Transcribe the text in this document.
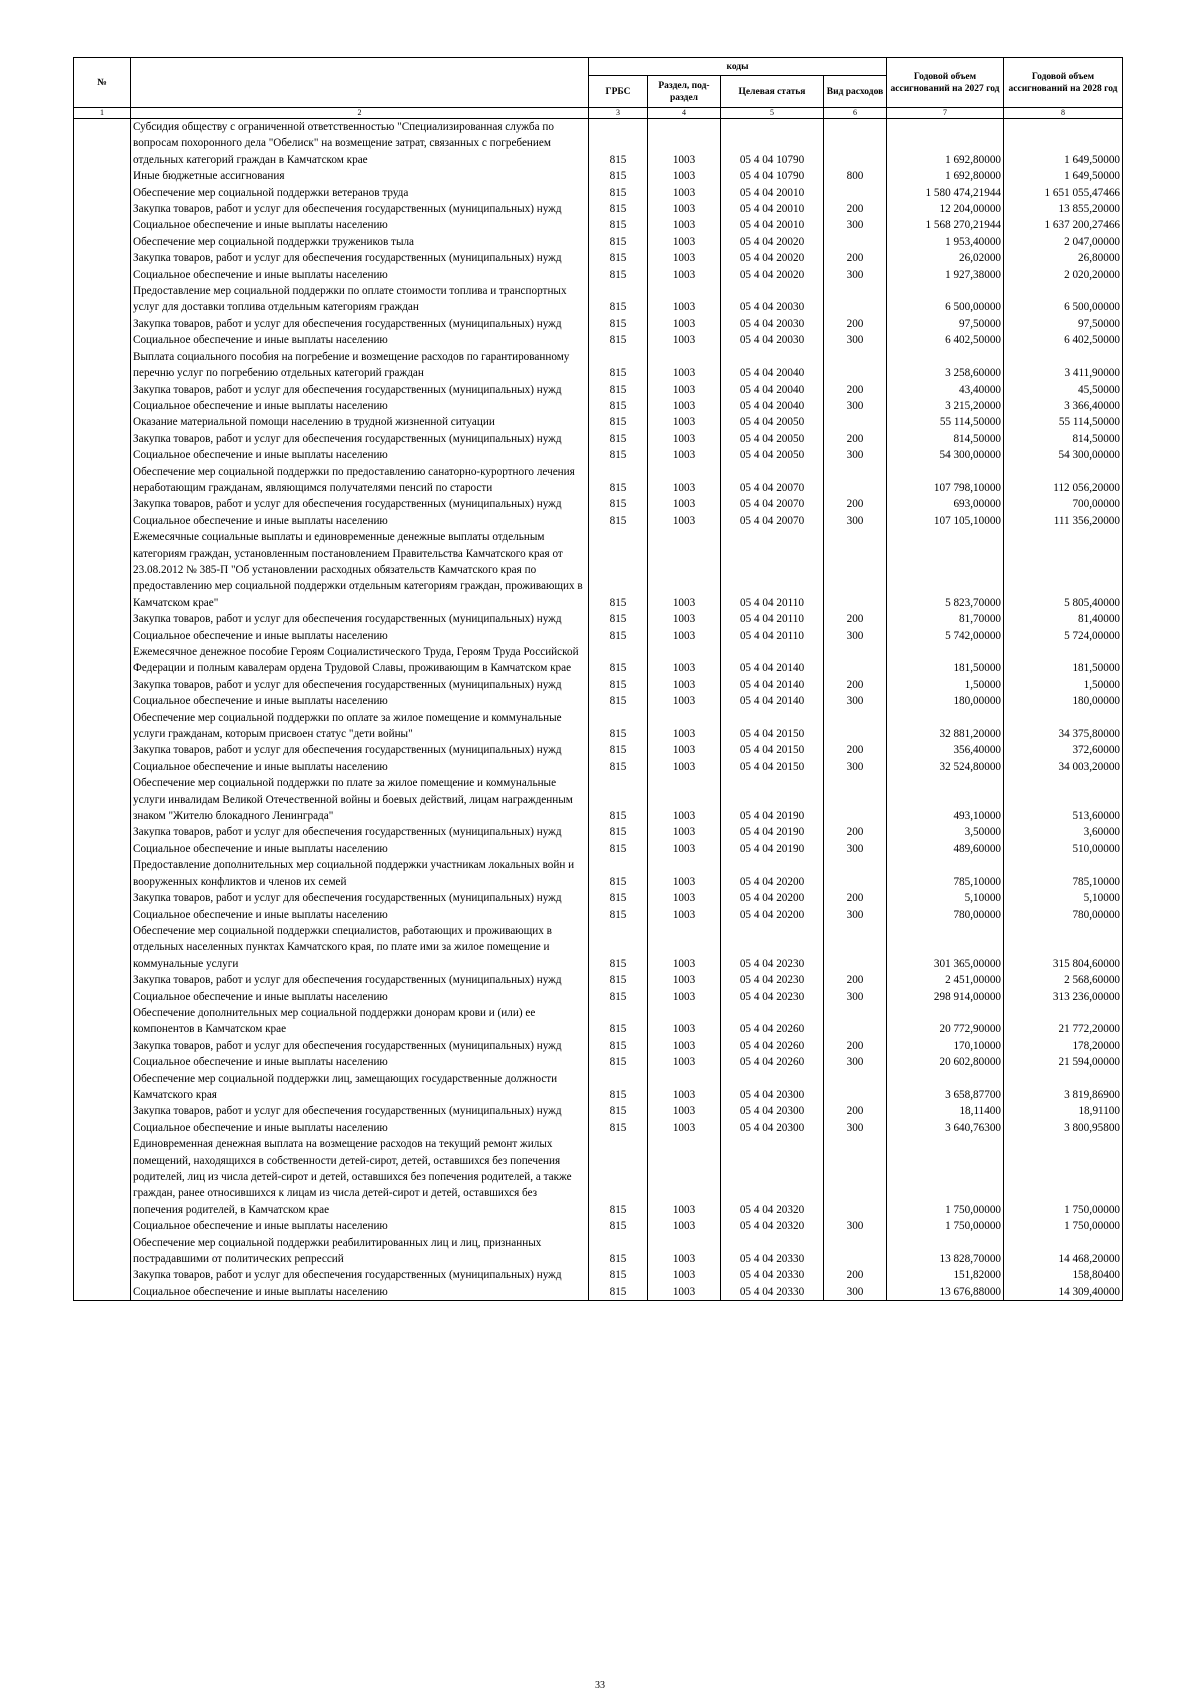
№		коды				Годовой объем ассигнований на 2027 год	Годовой объем ассигнований на 2028 год
		ГРБС	Раздел, под-раздел	Целевая статья	Вид расходов		
1	2	3	4	5	6	7	8
	Субсидия обществу с ограниченной ответственностью "Специализированная служба по вопросам похоронного дела "Обелиск" на возмещение затрат, связанных с погребением отдельных категорий граждан в Камчатском крае	815	1003	05 4 04 10790		1 692,80000	1 649,50000
	Иные бюджетные ассигнования	815	1003	05 4 04 10790	800	1 692,80000	1 649,50000
	Обеспечение мер социальной поддержки ветеранов труда	815	1003	05 4 04 20010		1 580 474,21944	1 651 055,47466
	Закупка товаров, работ и услуг для обеспечения государственных (муниципальных) нужд	815	1003	05 4 04 20010	200	12 204,00000	13 855,20000
	Социальное обеспечение и иные выплаты населению	815	1003	05 4 04 20010	300	1 568 270,21944	1 637 200,27466
	Обеспечение мер социальной поддержки тружеников тыла	815	1003	05 4 04 20020		1 953,40000	2 047,00000
	Закупка товаров, работ и услуг для обеспечения государственных (муниципальных) нужд	815	1003	05 4 04 20020	200	26,02000	26,80000
	Социальное обеспечение и иные выплаты населению	815	1003	05 4 04 20020	300	1 927,38000	2 020,20000
	Предоставление мер социальной поддержки по оплате стоимости топлива и транспортных услуг для доставки топлива отдельным категориям граждан	815	1003	05 4 04 20030		6 500,00000	6 500,00000
	Закупка товаров, работ и услуг для обеспечения государственных (муниципальных) нужд	815	1003	05 4 04 20030	200	97,50000	97,50000
	Социальное обеспечение и иные выплаты населению	815	1003	05 4 04 20030	300	6 402,50000	6 402,50000
	Выплата социального пособия на погребение и возмещение расходов по гарантированному перечню услуг по погребению отдельных категорий граждан	815	1003	05 4 04 20040		3 258,60000	3 411,90000
	Закупка товаров, работ и услуг для обеспечения государственных (муниципальных) нужд	815	1003	05 4 04 20040	200	43,40000	45,50000
	Социальное обеспечение и иные выплаты населению	815	1003	05 4 04 20040	300	3 215,20000	3 366,40000
	Оказание материальной помощи населению в трудной жизненной ситуации	815	1003	05 4 04 20050		55 114,50000	55 114,50000
	Закупка товаров, работ и услуг для обеспечения государственных (муниципальных) нужд	815	1003	05 4 04 20050	200	814,50000	814,50000
	Социальное обеспечение и иные выплаты населению	815	1003	05 4 04 20050	300	54 300,00000	54 300,00000
	Обеспечение мер социальной поддержки по предоставлению санаторно-курортного лечения неработающим гражданам, являющимся получателями пенсий по старости	815	1003	05 4 04 20070		107 798,10000	112 056,20000
	Закупка товаров, работ и услуг для обеспечения государственных (муниципальных) нужд	815	1003	05 4 04 20070	200	693,00000	700,00000
	Социальное обеспечение и иные выплаты населению	815	1003	05 4 04 20070	300	107 105,10000	111 356,20000
	Ежемесячные социальные выплаты и единовременные денежные выплаты отдельным категориям граждан, установленным постановлением Правительства Камчатского края от 23.08.2012 № 385-П "Об установлении расходных обязательств Камчатского края по предоставлению мер социальной поддержки отдельным категориям граждан, проживающих в Камчатском крае"	815	1003	05 4 04 20110		5 823,70000	5 805,40000
	Закупка товаров, работ и услуг для обеспечения государственных (муниципальных) нужд	815	1003	05 4 04 20110	200	81,70000	81,40000
	Социальное обеспечение и иные выплаты населению	815	1003	05 4 04 20110	300	5 742,00000	5 724,00000
	Ежемесячное денежное пособие Героям Социалистического Труда, Героям Труда Российской Федерации и полным кавалерам ордена Трудовой Славы, проживающим в Камчатском крае	815	1003	05 4 04 20140		181,50000	181,50000
	Закупка товаров, работ и услуг для обеспечения государственных (муниципальных) нужд	815	1003	05 4 04 20140	200	1,50000	1,50000
	Социальное обеспечение и иные выплаты населению	815	1003	05 4 04 20140	300	180,00000	180,00000
	Обеспечение мер социальной поддержки по оплате за жилое помещение и коммунальные услуги гражданам, которым присвоен статус "дети войны"	815	1003	05 4 04 20150		32 881,20000	34 375,80000
	Закупка товаров, работ и услуг для обеспечения государственных (муниципальных) нужд	815	1003	05 4 04 20150	200	356,40000	372,60000
	Социальное обеспечение и иные выплаты населению	815	1003	05 4 04 20150	300	32 524,80000	34 003,20000
	Обеспечение мер социальной поддержки по плате за жилое помещение и коммунальные услуги инвалидам Великой Отечественной войны и боевых действий, лицам награжденным знаком "Жителю блокадного Ленинграда"	815	1003	05 4 04 20190		493,10000	513,60000
	Закупка товаров, работ и услуг для обеспечения государственных (муниципальных) нужд	815	1003	05 4 04 20190	200	3,50000	3,60000
	Социальное обеспечение и иные выплаты населению	815	1003	05 4 04 20190	300	489,60000	510,00000
	Предоставление дополнительных мер социальной поддержки участникам локальных войн и вооруженных конфликтов и членов их семей	815	1003	05 4 04 20200		785,10000	785,10000
	Закупка товаров, работ и услуг для обеспечения государственных (муниципальных) нужд	815	1003	05 4 04 20200	200	5,10000	5,10000
	Социальное обеспечение и иные выплаты населению	815	1003	05 4 04 20200	300	780,00000	780,00000
	Обеспечение мер социальной поддержки специалистов, работающих и проживающих в отдельных населенных пунктах Камчатского края, по плате ими за жилое помещение и коммунальные услуги	815	1003	05 4 04 20230		301 365,00000	315 804,60000
	Закупка товаров, работ и услуг для обеспечения государственных (муниципальных) нужд	815	1003	05 4 04 20230	200	2 451,00000	2 568,60000
	Социальное обеспечение и иные выплаты населению	815	1003	05 4 04 20230	300	298 914,00000	313 236,00000
	Обеспечение дополнительных мер социальной поддержки донорам крови и (или) ее компонентов в Камчатском крае	815	1003	05 4 04 20260		20 772,90000	21 772,20000
	Закупка товаров, работ и услуг для обеспечения государственных (муниципальных) нужд	815	1003	05 4 04 20260	200	170,10000	178,20000
	Социальное обеспечение и иные выплаты населению	815	1003	05 4 04 20260	300	20 602,80000	21 594,00000
	Обеспечение мер социальной поддержки лиц, замещающих государственные должности Камчатского края	815	1003	05 4 04 20300		3 658,87700	3 819,86900
	Закупка товаров, работ и услуг для обеспечения государственных (муниципальных) нужд	815	1003	05 4 04 20300	200	18,11400	18,91100
	Социальное обеспечение и иные выплаты населению	815	1003	05 4 04 20300	300	3 640,76300	3 800,95800
	Единовременная денежная выплата на возмещение расходов на текущий ремонт жилых помещений, находящихся в собственности детей-сирот, детей, оставшихся без попечения родителей, лиц из числа детей-сирот и детей, оставшихся без попечения родителей, а также граждан, ранее относившихся к лицам из числа детей-сирот и детей, оставшихся без попечения родителей, в Камчатском крае	815	1003	05 4 04 20320		1 750,00000	1 750,00000
	Социальное обеспечение и иные выплаты населению	815	1003	05 4 04 20320	300	1 750,00000	1 750,00000
	Обеспечение мер социальной поддержки реабилитированных лиц и лиц, признанных пострадавшими от политических репрессий	815	1003	05 4 04 20330		13 828,70000	14 468,20000
	Закупка товаров, работ и услуг для обеспечения государственных (муниципальных) нужд	815	1003	05 4 04 20330	200	151,82000	158,80400
	Социальное обеспечение и иные выплаты населению	815	1003	05 4 04 20330	300	13 676,88000	14 309,40000
33
